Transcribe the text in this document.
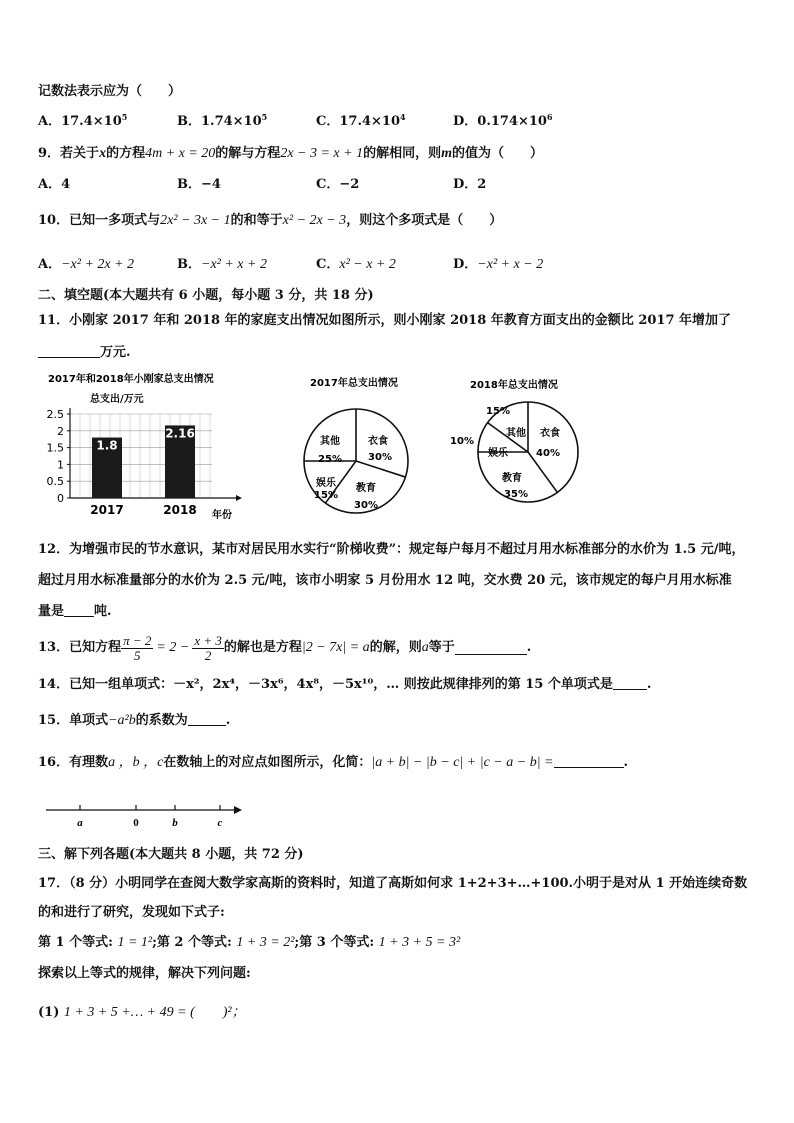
记数法表示应为（　　）
A．$17.4\times 10^5$	B．$1.74\times 10^5$	C．$17.4\times 10^4$	D．$0.174\times 10^6$
9．若关于x的方程4m + x = 20的解与方程2x − 3 = x + 1的解相同，则m的值为（　　）
A．4	B．−4	C．−2	D．2
10．已知一多项式与2x² − 3x − 1的和等于x² − 2x − 3，则这个多项式是（　　）
A．−x² + 2x + 2	B．−x² + x + 2	C．x² − x + 2	D．−x² + x − 2
二、填空题(本大题共有 6 小题，每小题 3 分，共 18 分)
11．小刚家 2017 年和 2018 年的家庭支出情况如图所示，则小刚家 2018 年教育方面支出的金额比 2017 年增加了
万元.
2017年和2018年小刚家总支出情况
总支出/万元
0
0.5
1
1.5
2
2.5
1.8
2017
2.16
2018 年份
2017年总支出情况
衣食
30%
教育
30%
娱乐
15%
其他
25%
2018年总支出情况
衣食
40%
教育
35%
娱乐
10%
其他
15%
12．为增强市民的节水意识，某市对居民用水实行“阶梯收费”：规定每户每月不超过月用水标准部分的水价为 1.5 元/吨，
超过月用水标准量部分的水价为 2.5 元/吨，该市小明家 5 月份用水 12 吨，交水费 20 元，该市规定的每户月用水标准
量是 吨.
13． 已知方程 $\frac{\pi - 2}{5} = 2 - \frac{x + 3}{2}$ 的解也是方程 |2 − 7x| = a 的解，则 a 等于	.
14．已知一组单项式：－x²，2x⁴，－3x⁶，4x⁸，－5x¹⁰，… 则按此规律排列的第 15 个单项式是	.
15．单项式−a²b的系数为	.
16．有理数a ，b ，c在数轴上的对应点如图所示，化简：|a + b| − |b − c| + |c − a − b| =	.
a	0	b	c
三、解下列各题(本大题共 8 小题，共 72 分)
17．（8 分）小明同学在查阅大数学家高斯的资料时，知道了高斯如何求 1+2+3+…+100.小明于是对从 1 开始连续奇数
的和进行了研究，发现如下式子:
第 1 个等式: 1 = 1²;第 2 个等式: 1 + 3 = 2²;第 3 个等式: 1 + 3 + 5 = 3²
探索以上等式的规律，解决下列问题:
(1) 1 + 3 + 5 +… + 49 = (　　)²；
